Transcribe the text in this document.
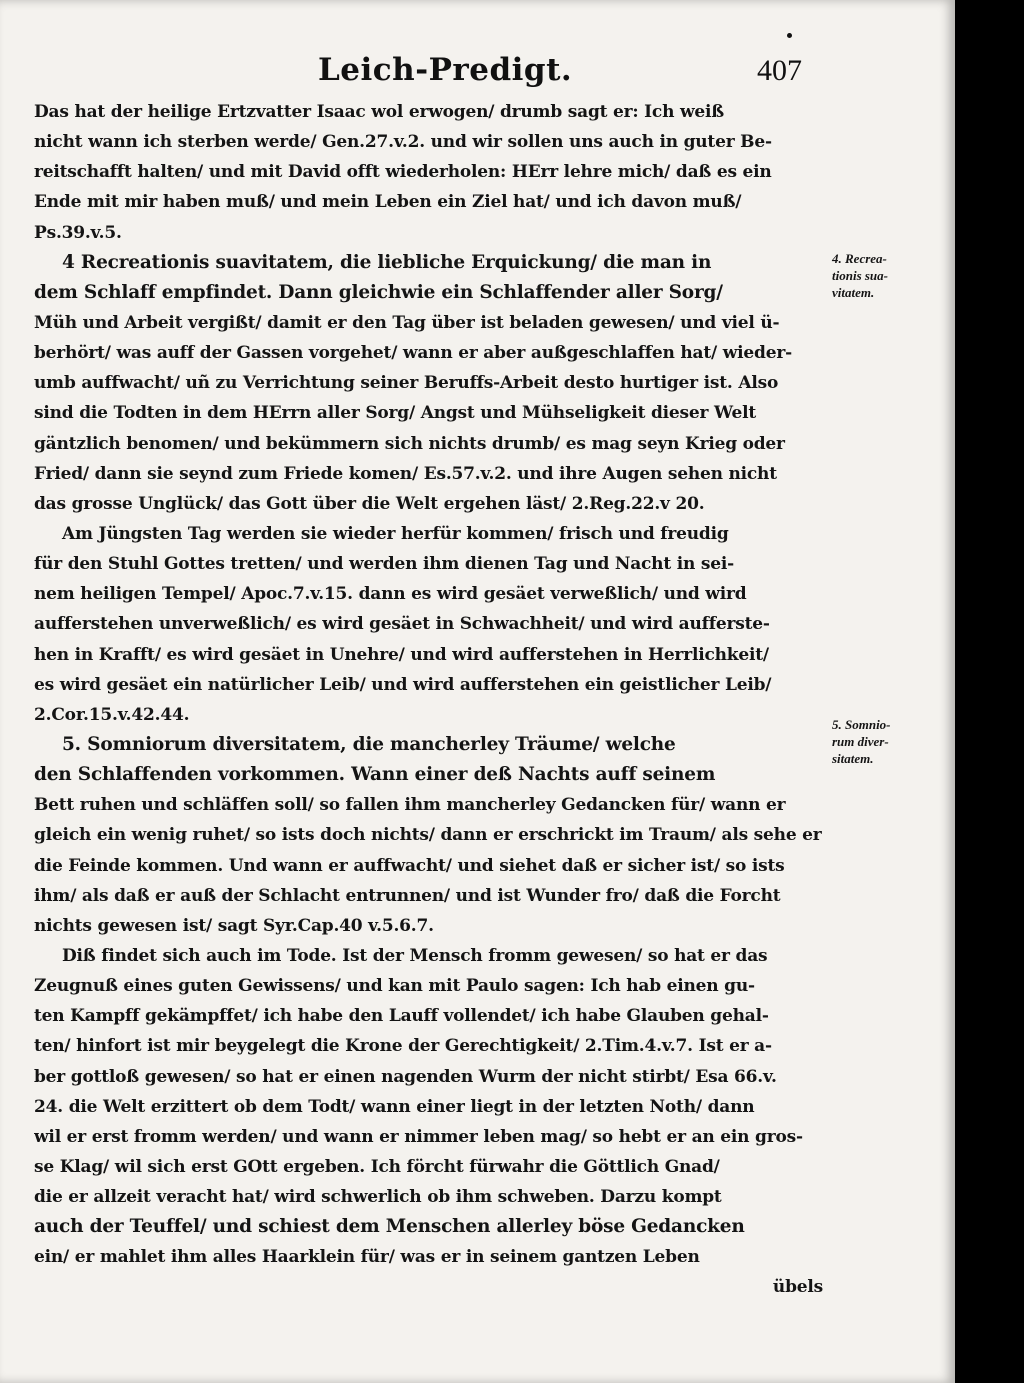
Leich-Predigt.	407
Das hat der heilige Ertzvatter Isaac wol erwogen/ drumb sagt er: Ich weiß
nicht wann ich sterben werde/ Gen.27.v.2. und wir sollen uns auch in guter Be-
reitschafft halten/ und mit David offt wiederholen: HErr lehre mich/ daß es ein
Ende mit mir haben muß/ und mein Leben ein Ziel hat/ und ich davon muß/
Ps.39.v.5.
4 Recreationis suavitatem, die liebliche Erquickung/ die man in
dem Schlaff empfindet. Dann gleichwie ein Schlaffender aller Sorg/
Müh und Arbeit vergißt/ damit er den Tag über ist beladen gewesen/ und viel ü-
berhört/ was auff der Gassen vorgehet/ wann er aber außgeschlaffen hat/ wieder-
umb auffwacht/ uñ zu Verrichtung seiner Beruffs-Arbeit desto hurtiger ist. Also
sind die Todten in dem HErrn aller Sorg/ Angst und Mühseligkeit dieser Welt
gäntzlich benomen/ und bekümmern sich nichts drumb/ es mag seyn Krieg oder
Fried/ dann sie seynd zum Friede komen/ Es.57.v.2. und ihre Augen sehen nicht
das grosse Unglück/ das Gott über die Welt ergehen läst/ 2.Reg.22.v 20.
Am Jüngsten Tag werden sie wieder herfür kommen/ frisch und freudig
für den Stuhl Gottes tretten/ und werden ihm dienen Tag und Nacht in sei-
nem heiligen Tempel/ Apoc.7.v.15. dann es wird gesäet verweßlich/ und wird
aufferstehen unverweßlich/ es wird gesäet in Schwachheit/ und wird aufferste-
hen in Krafft/ es wird gesäet in Unehre/ und wird aufferstehen in Herrlichkeit/
es wird gesäet ein natürlicher Leib/ und wird aufferstehen ein geistlicher Leib/
2.Cor.15.v.42.44.
5. Somniorum diversitatem, die mancherley Träume/ welche
den Schlaffenden vorkommen. Wann einer deß Nachts auff seinem
Bett ruhen und schläffen soll/ so fallen ihm mancherley Gedancken für/ wann er
gleich ein wenig ruhet/ so ists doch nichts/ dann er erschrickt im Traum/ als sehe er
die Feinde kommen. Und wann er auffwacht/ und siehet daß er sicher ist/ so ists
ihm/ als daß er auß der Schlacht entrunnen/ und ist Wunder fro/ daß die Forcht
nichts gewesen ist/ sagt Syr.Cap.40 v.5.6.7.
Diß findet sich auch im Tode. Ist der Mensch fromm gewesen/ so hat er das
Zeugnuß eines guten Gewissens/ und kan mit Paulo sagen: Ich hab einen gu-
ten Kampff gekämpffet/ ich habe den Lauff vollendet/ ich habe Glauben gehal-
ten/ hinfort ist mir beygelegt die Krone der Gerechtigkeit/ 2.Tim.4.v.7. Ist er a-
ber gottloß gewesen/ so hat er einen nagenden Wurm der nicht stirbt/ Esa 66.v.
24. die Welt erzittert ob dem Todt/ wann einer liegt in der letzten Noth/ dann
wil er erst fromm werden/ und wann er nimmer leben mag/ so hebt er an ein gros-
se Klag/ wil sich erst GOtt ergeben. Ich förcht fürwahr die Göttlich Gnad/
die er allzeit veracht hat/ wird schwerlich ob ihm schweben. Darzu kompt
auch der Teuffel/ und schiest dem Menschen allerley böse Gedancken
ein/ er mahlet ihm alles Haarklein für/ was er in seinem gantzen Leben
übels
4. Recrea-
tionis sua-
vitatem.
5. Somnio-
rum diver-
sitatem.
